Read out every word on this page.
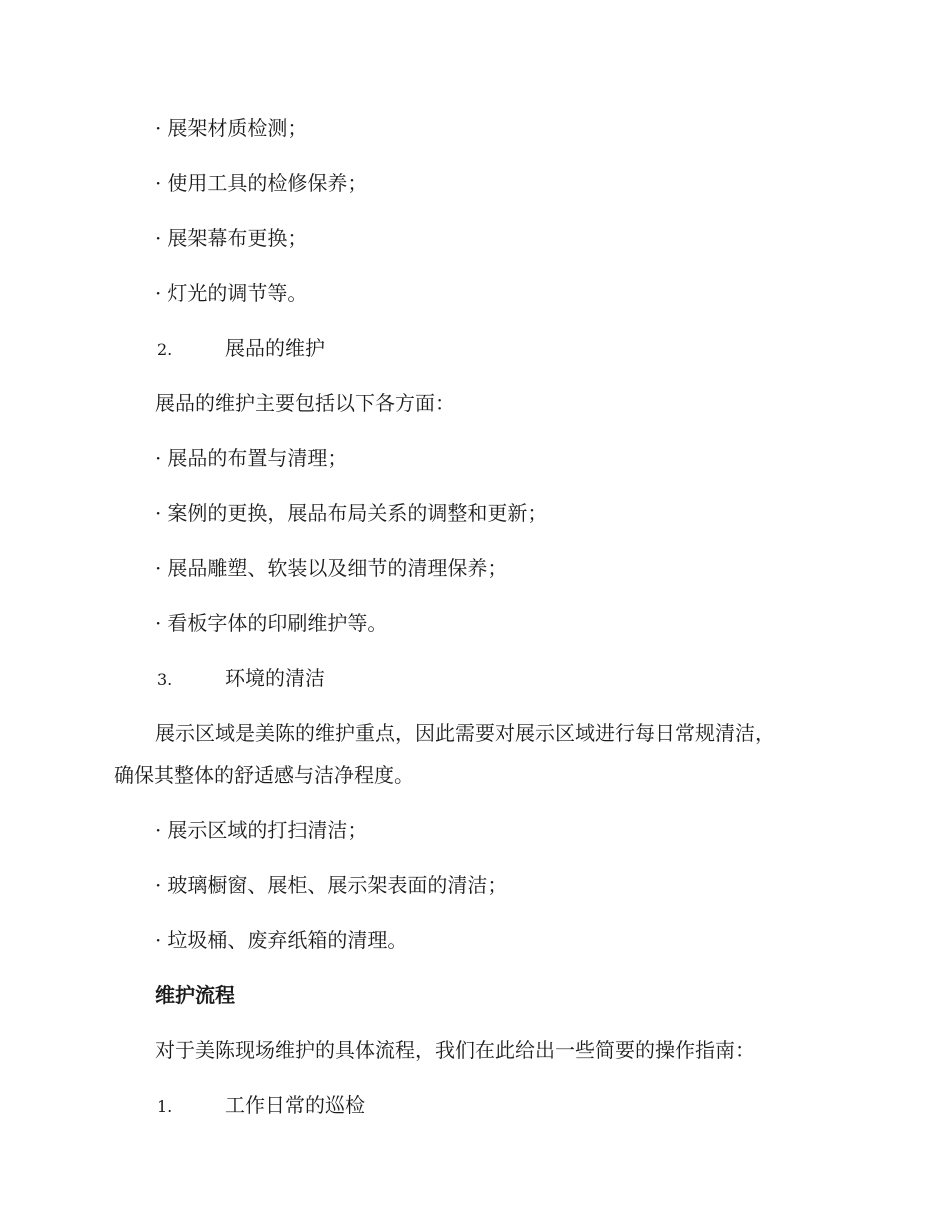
· 展架材质检测；
· 使用工具的检修保养；
· 展架幕布更换；
· 灯光的调节等。
2.	展品的维护
展品的维护主要包括以下各方面：
· 展品的布置与清理；
· 案例的更换，展品布局关系的调整和更新；
· 展品雕塑、软装以及细节的清理保养；
· 看板字体的印刷维护等。
3.	环境的清洁
展示区域是美陈的维护重点，因此需要对展示区域进行每日常规清洁，
确保其整体的舒适感与洁净程度。
· 展示区域的打扫清洁；
· 玻璃橱窗、展柜、展示架表面的清洁；
· 垃圾桶、废弃纸箱的清理。
维护流程
对于美陈现场维护的具体流程，我们在此给出一些简要的操作指南：
1.	工作日常的巡检
